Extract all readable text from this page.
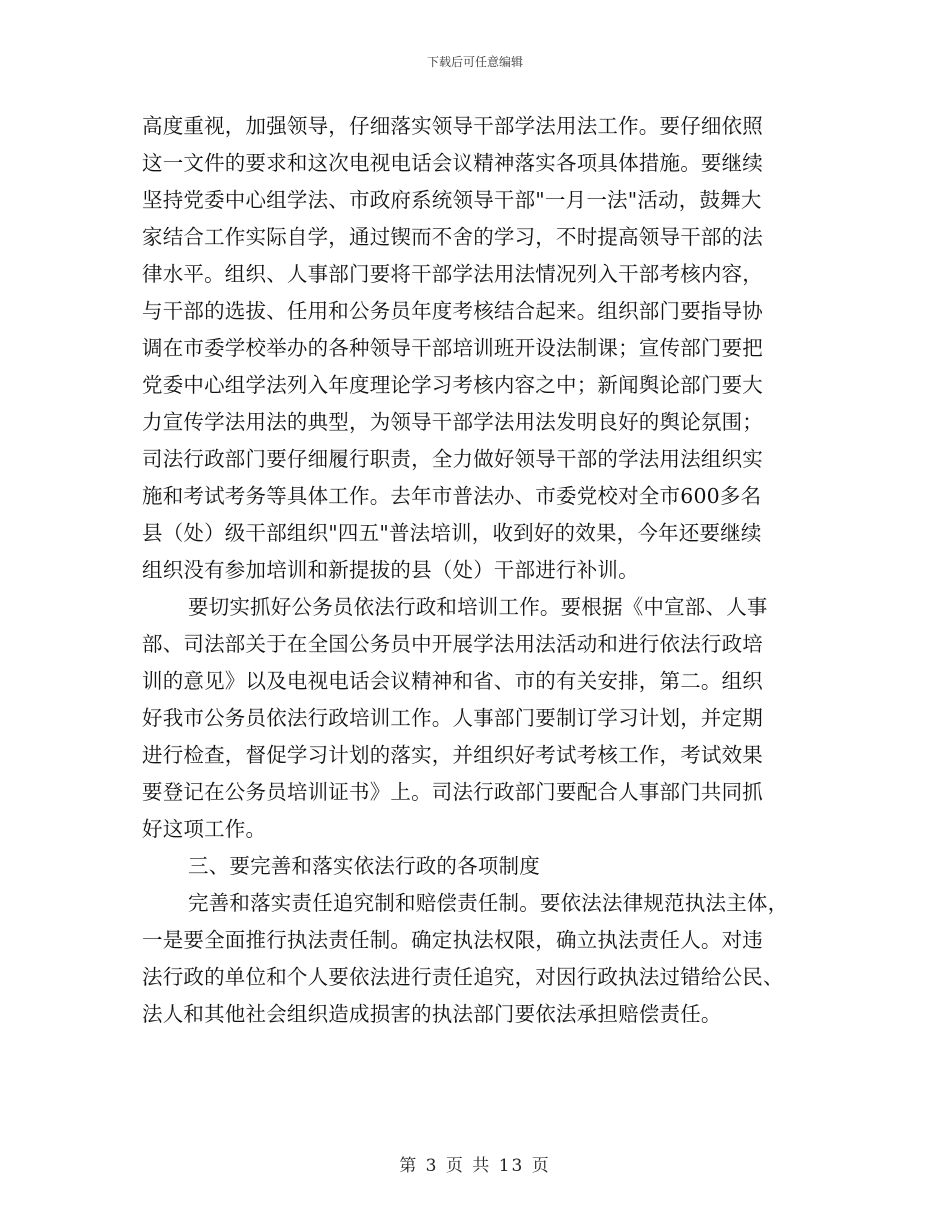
下载后可任意编辑
高度重视，加强领导，仔细落实领导干部学法用法工作。要仔细依照
这一文件的要求和这次电视电话会议精神落实各项具体措施。要继续
坚持党委中心组学法、市政府系统领导干部"一月一法"活动，鼓舞大
家结合工作实际自学，通过锲而不舍的学习，不时提高领导干部的法
律水平。组织、人事部门要将干部学法用法情况列入干部考核内容，
与干部的选拔、任用和公务员年度考核结合起来。组织部门要指导协
调在市委学校举办的各种领导干部培训班开设法制课；宣传部门要把
党委中心组学法列入年度理论学习考核内容之中；新闻舆论部门要大
力宣传学法用法的典型，为领导干部学法用法发明良好的舆论氛围；
司法行政部门要仔细履行职责，全力做好领导干部的学法用法组织实
施和考试考务等具体工作。去年市普法办、市委党校对全市600多名
县（处）级干部组织"四五"普法培训，收到好的效果，今年还要继续
组织没有参加培训和新提拔的县（处）干部进行补训。
要切实抓好公务员依法行政和培训工作。要根据《中宣部、人事
部、司法部关于在全国公务员中开展学法用法活动和进行依法行政培
训的意见》以及电视电话会议精神和省、市的有关安排，第二。组织
好我市公务员依法行政培训工作。人事部门要制订学习计划，并定期
进行检查，督促学习计划的落实，并组织好考试考核工作，考试效果
要登记在公务员培训证书》上。司法行政部门要配合人事部门共同抓
好这项工作。
三、要完善和落实依法行政的各项制度
完善和落实责任追究制和赔偿责任制。要依法法律规范执法主体，
一是要全面推行执法责任制。确定执法权限，确立执法责任人。对违
法行政的单位和个人要依法进行责任追究，对因行政执法过错给公民、
法人和其他社会组织造成损害的执法部门要依法承担赔偿责任。
第 3 页 共 13 页
